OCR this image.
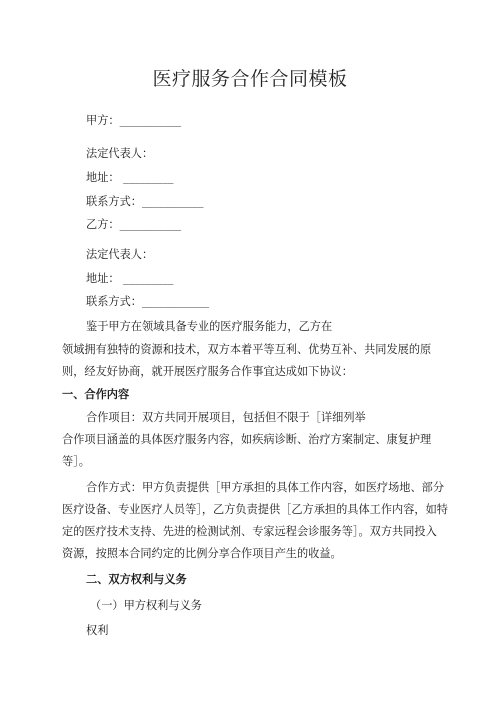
医疗服务合作合同模板
甲方：___________
法定代表人：
地址： _________
联系方式：___________
乙方：___________
法定代表人：
地址： _________
联系方式：____________
鉴于甲方在领域具备专业的医疗服务能力，乙方在
领域拥有独特的资源和技术，双方本着平等互利、优势互补、共同发展的原
则，经友好协商，就开展医疗服务合作事宜达成如下协议：
一、合作内容
合作项目：双方共同开展项目，包括但不限于［详细列举
合作项目涵盖的具体医疗服务内容，如疾病诊断、治疗方案制定、康复护理
等］。
合作方式：甲方负责提供［甲方承担的具体工作内容，如医疗场地、部分
医疗设备、专业医疗人员等］，乙方负责提供［乙方承担的具体工作内容，如特
定的医疗技术支持、先进的检测试剂、专家远程会诊服务等］。双方共同投入
资源，按照本合同约定的比例分享合作项目产生的收益。
二、双方权利与义务
（一）甲方权利与义务
权利
